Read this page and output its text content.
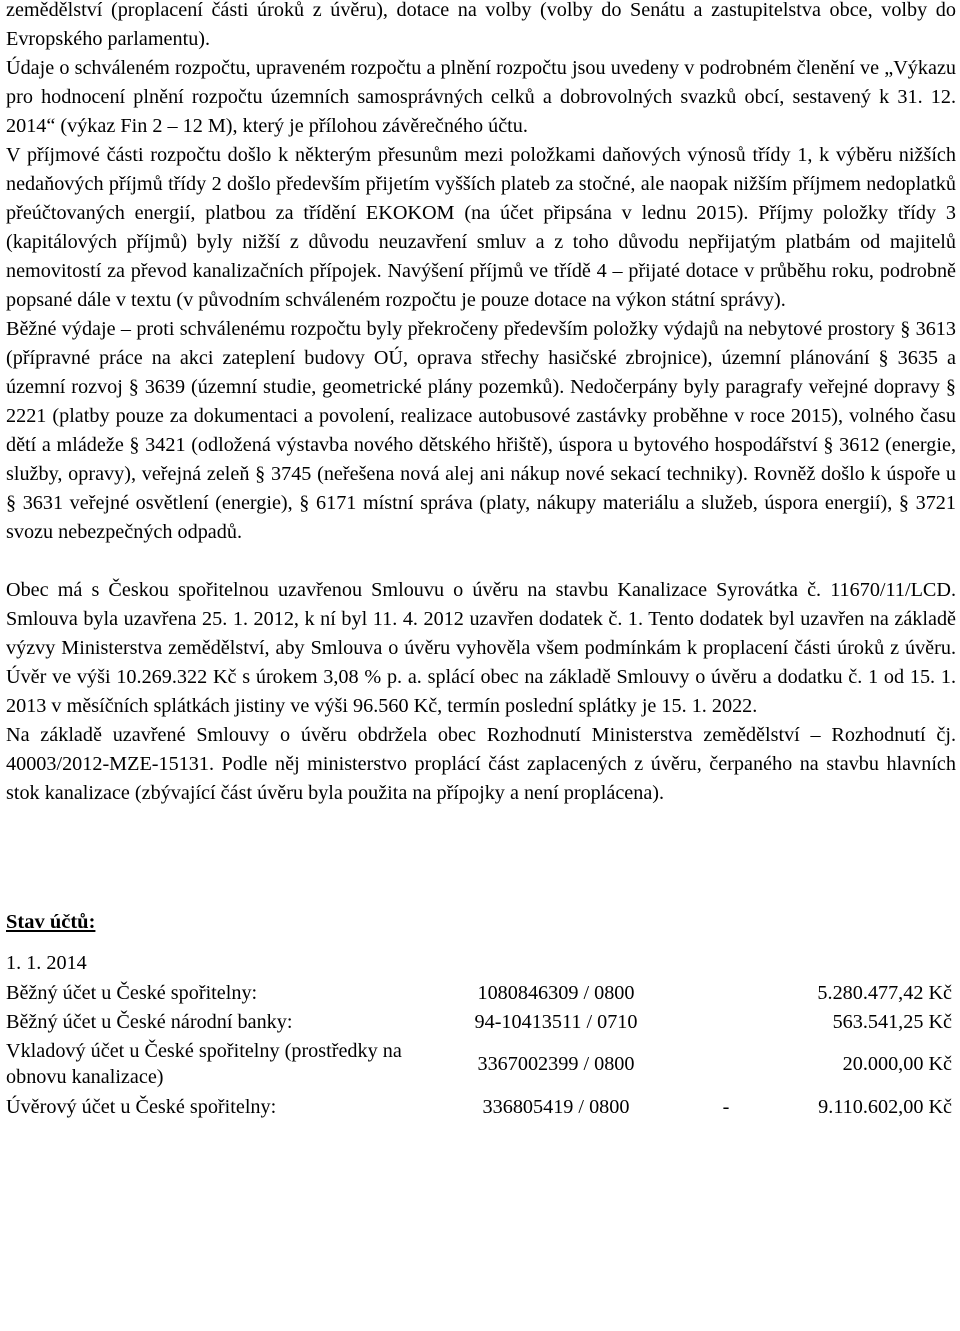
zemědělství (proplacení části úroků z úvěru), dotace na volby (volby do Senátu a zastupitelstva obce, volby do Evropského parlamentu).

Údaje o schváleném rozpočtu, upraveném rozpočtu a plnění rozpočtu jsou uvedeny v podrobném členění ve „Výkazu pro hodnocení plnění rozpočtu územních samosprávných celků a dobrovolných svazků obcí, sestavený k 31. 12. 2014“ (výkaz Fin 2 – 12 M), který je přílohou závěrečného účtu.

V příjmové části rozpočtu došlo k některým přesunům mezi položkami daňových výnosů třídy 1, k výběru nižších nedaňových příjmů třídy 2 došlo především přijetím vyšších plateb za stočné, ale naopak nižším příjmem nedoplatků přeúčtovaných energií, platbou za třídění EKOKOM (na účet připsána v lednu 2015). Příjmy položky třídy 3 (kapitálových příjmů) byly nižší z důvodu neuzavření smluv a z toho důvodu nepřijatým platbám od majitelů nemovitostí za převod kanalizačních přípojek. Navýšení příjmů ve třídě 4 – přijaté dotace v průběhu roku, podrobně popsané dále v textu (v původním schváleném rozpočtu je pouze dotace na výkon státní správy).

Běžné výdaje – proti schválenému rozpočtu byly překročeny především položky výdajů na nebytové prostory § 3613 (přípravné práce na akci zateplení budovy OÚ, oprava střechy hasičské zbrojnice), územní plánování § 3635 a územní rozvoj § 3639 (územní studie, geometrické plány pozemků). Nedočerpány byly paragrafy veřejné dopravy § 2221 (platby pouze za dokumentaci a povolení, realizace autobusové zastávky proběhne v roce 2015), volného času dětí a mládeže § 3421 (odložená výstavba nového dětského hřiště), úspora u bytového hospodářství § 3612 (energie, služby, opravy), veřejná zeleň § 3745 (neřešena nová alej ani nákup nové sekací techniky). Rovněž došlo k úspoře u § 3631 veřejné osvětlení (energie), § 6171 místní správa (platy, nákupy materiálu a služeb, úspora energií), § 3721 svozu nebezpečných odpadů.

Obec má s Českou spořitelnou uzavřenou Smlouvu o úvěru na stavbu Kanalizace Syrovátka č. 11670/11/LCD. Smlouva byla uzavřena 25. 1. 2012, k ní byl 11. 4. 2012 uzavřen dodatek č. 1. Tento dodatek byl uzavřen na základě výzvy Ministerstva zemědělství, aby Smlouva o úvěru vyhověla všem podmínkám k proplacení části úroků z úvěru. Úvěr ve výši 10.269.322 Kč s úrokem 3,08 % p. a. splácí obec na základě Smlouvy o úvěru a dodatku č. 1 od 15. 1. 2013 v měsíčních splátkách jistiny ve výši 96.560 Kč, termín poslední splátky je 15. 1. 2022.

Na základě uzavřené Smlouvy o úvěru obdržela obec Rozhodnutí Ministerstva zemědělství – Rozhodnutí čj. 40003/2012-MZE-15131. Podle něj ministerstvo proplácí část zaplacených z úvěru, čerpaného na stavbu hlavních stok kanalizace (zbývající část úvěru byla použita na přípojky a není proplácena).

Stav účtů:

1. 1. 2014

Běžný účet u České spořitelny:	1080846309 / 0800		5.280.477,42 Kč
Běžný účet u České národní banky:	94-10413511 / 0710		563.541,25 Kč
Vkladový účet u České spořitelny (prostředky na obnovu kanalizace)	3367002399 / 0800		20.000,00 Kč
Úvěrový účet u České spořitelny:	336805419 / 0800	-	9.110.602,00 Kč
